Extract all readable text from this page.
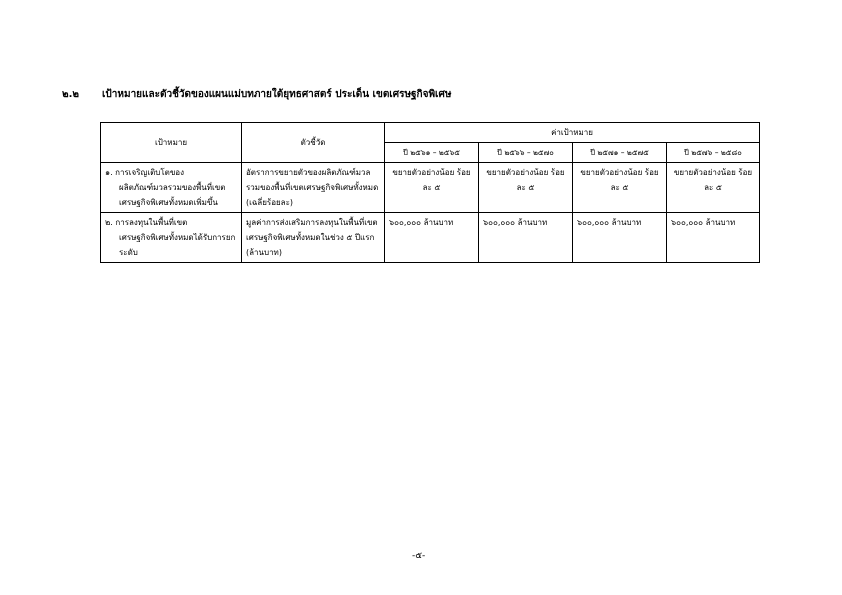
๒.๒ เป้าหมายและตัวชี้วัดของแผนแม่บทภายใต้ยุทธศาสตร์ ประเด็น เขตเศรษฐกิจพิเศษ
เป้าหมาย	ตัวชี้วัด	ค่าเป้าหมาย			
		ปี ๒๕๖๑ – ๒๕๖๕	ปี ๒๕๖๖ – ๒๕๗๐	ปี ๒๕๗๑ – ๒๕๗๕	ปี ๒๕๗๖ – ๒๕๘๐

๑. การเจริญเติบโตของ
ผลิตภัณฑ์มวลรวมของพื้นที่เขตเศรษฐกิจพิเศษทั้งหมดเพิ่มขึ้น	อัตราการขยายตัวของผลิตภัณฑ์มวลรวมของพื้นที่เขตเศรษฐกิจพิเศษทั้งหมด (เฉลี่ยร้อยละ)	ขยายตัวอย่างน้อย ร้อยละ ๕	ขยายตัวอย่างน้อย ร้อยละ ๕	ขยายตัวอย่างน้อย ร้อยละ ๕	ขยายตัวอย่างน้อย ร้อยละ ๕

๒. การลงทุนในพื้นที่เขต
เศรษฐกิจพิเศษทั้งหมดได้รับการยกระดับ	มูลค่าการส่งเสริมการลงทุนในพื้นที่เขตเศรษฐกิจพิเศษทั้งหมดในช่วง ๕ ปีแรก (ล้านบาท)	๖๐๐,๐๐๐ ล้านบาท	๖๐๐,๐๐๐ ล้านบาท	๖๐๐,๐๐๐ ล้านบาท	๖๐๐,๐๐๐ ล้านบาท
-๕-
